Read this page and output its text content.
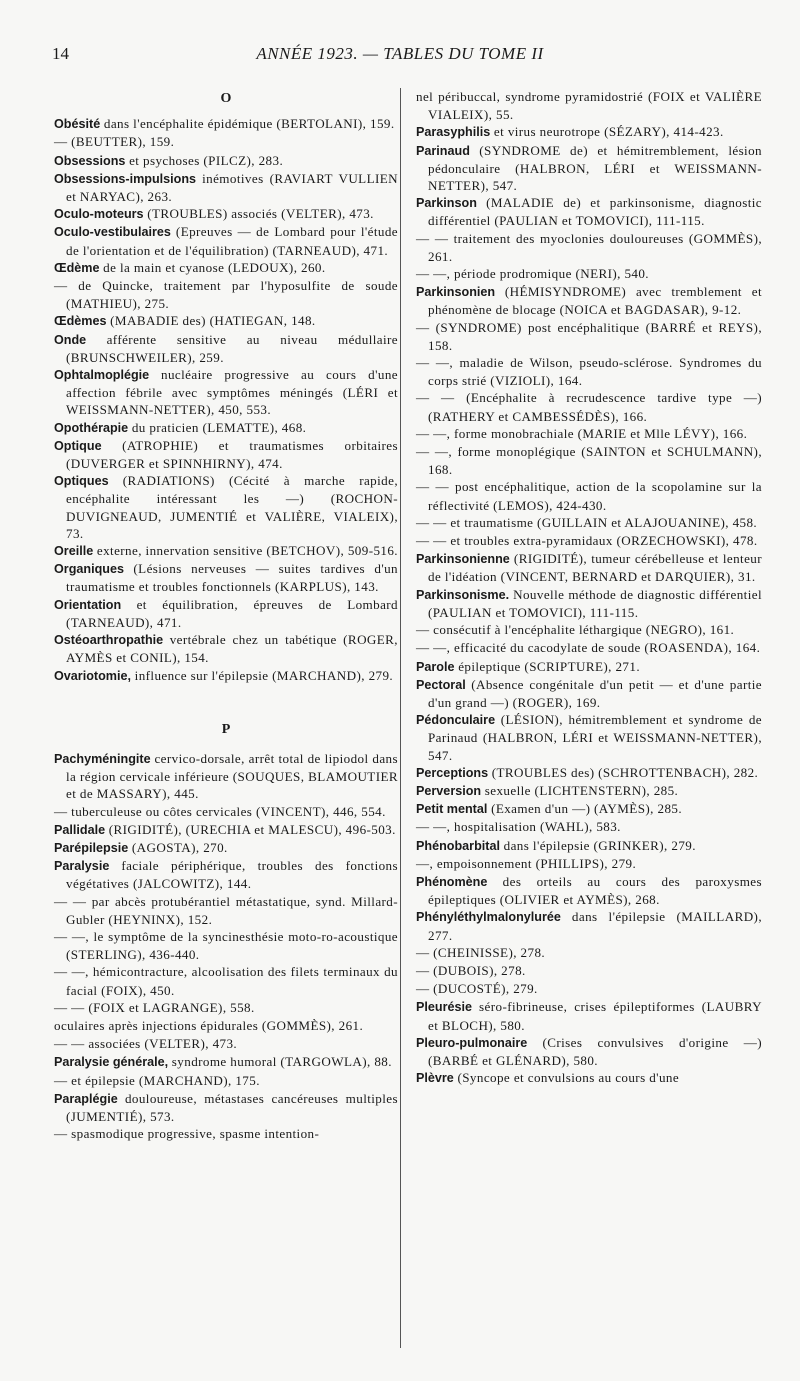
14	ANNÉE 1923. — TABLES DU TOME II
O

Obésité dans l'encéphalite épidémique (BERTOLANI), 159.

— (BEUTTER), 159.

Obsessions et psychoses (PILCZ), 283.

Obsessions-impulsions inémotives (RAVIART VULLIEN et NARYAC), 263.

Oculo-moteurs (TROUBLES) associés (VELTER), 473.

Oculo-vestibulaires (Epreuves — de Lombard pour l'étude de l'orientation et de l'équilibration) (TARNEAUD), 471.

Œdème de la main et cyanose (LEDOUX), 260.

— de Quincke, traitement par l'hyposulfite de soude (MATHIEU), 275.

Œdèmes (MABADIE des) (HATIEGAN, 148.

Onde afférente sensitive au niveau médullaire (BRUNSCHWEILER), 259.

Ophtalmoplégie nucléaire progressive au cours d'une affection fébrile avec symptômes méningés (LÉRI et WEISSMANN-NETTER), 450, 553.

Opothérapie du praticien (LEMATTE), 468.

Optique (ATROPHIE) et traumatismes orbitaires (DUVERGER et SPINNHIRNY), 474.

Optiques (RADIATIONS) (Cécité à marche rapide, encéphalite intéressant les —) (ROCHON-DUVIGNEAUD, JUMENTIÉ et VALIÈRE, VIALEIX), 73.

Oreille externe, innervation sensitive (BETCHOV), 509-516.

Organiques (Lésions nerveuses — suites tardives d'un traumatisme et troubles fonctionnels (KARPLUS), 143.

Orientation et équilibration, épreuves de Lombard (TARNEAUD), 471.

Ostéoarthropathie vertébrale chez un tabétique (ROGER, AYMÈS et CONIL), 154.

Ovariotomie, influence sur l'épilepsie (MARCHAND), 279.

P

Pachyméningite cervico-dorsale, arrêt total de lipiodol dans la région cervicale inférieure (SOUQUES, BLAMOUTIER et de MASSARY), 445.

— tuberculeuse ou côtes cervicales (VINCENT), 446, 554.

Pallidale (RIGIDITÉ), (URECHIA et MALESCU), 496-503.

Parépilepsie (AGOSTA), 270.

Paralysie faciale périphérique, troubles des fonctions végétatives (JALCOWITZ), 144.

— — par abcès protubérantiel métastatique, synd. Millard-Gubler (HEYNINX), 152.

— —, le symptôme de la syncinesthésie moto-ro-acoustique (STERLING), 436-440.

— —, hémicontracture, alcoolisation des filets terminaux du facial (FOIX), 450.

— — (FOIX et LAGRANGE), 558.

oculaires après injections épidurales (GOMMÈS), 261.

— — associées (VELTER), 473.

Paralysie générale, syndrome humoral (TARGOWLA), 88.

— et épilepsie (MARCHAND), 175.

Paraplégie douloureuse, métastases cancéreuses multiples (JUMENTIÉ), 573.

— spasmodique progressive, spasme intention-

nel péribuccal, syndrome pyramidostrié (FOIX et VALIÈRE VIALEIX), 55.

Parasyphilis et virus neurotrope (SÉZARY), 414-423.

Parinaud (SYNDROME de) et hémitremblement, lésion pédonculaire (HALBRON, LÉRI et WEISSMANN-NETTER), 547.

Parkinson (MALADIE de) et parkinsonisme, diagnostic différentiel (PAULIAN et TOMOVICI), 111-115.

— — traitement des myoclonies douloureuses (GOMMÈS), 261.

— —, période prodromique (NERI), 540.

Parkinsonien (HÉMISYNDROME) avec tremblement et phénomène de blocage (NOICA et BAGDASAR), 9-12.

— (SYNDROME) post encéphalitique (BARRÉ et REYS), 158.

— —, maladie de Wilson, pseudo-sclérose. Syndromes du corps strié (VIZIOLI), 164.

— — (Encéphalite à recrudescence tardive type —) (RATHERY et CAMBESSÉDÈS), 166.

— —, forme monobrachiale (MARIE et Mlle LÉVY), 166.

— —, forme monoplégique (SAINTON et SCHULMANN), 168.

— — post encéphalitique, action de la scopolamine sur la réflectivité (LEMOS), 424-430.

— — et traumatisme (GUILLAIN et ALAJOUANINE), 458.

— — et troubles extra-pyramidaux (ORZECHOWSKI), 478.

Parkinsonienne (RIGIDITÉ), tumeur cérébelleuse et lenteur de l'idéation (VINCENT, BERNARD et DARQUIER), 31.

Parkinsonisme. Nouvelle méthode de diagnostic différentiel (PAULIAN et TOMOVICI), 111-115.

— consécutif à l'encéphalite léthargique (NEGRO), 161.

— —, efficacité du cacodylate de soude (ROASENDA), 164.

Parole épileptique (SCRIPTURE), 271.

Pectoral (Absence congénitale d'un petit — et d'une partie d'un grand —) (ROGER), 169.

Pédonculaire (LÉSION), hémitremblement et syndrome de Parinaud (HALBRON, LÉRI et WEISSMANN-NETTER), 547.

Perceptions (TROUBLES des) (SCHROTTENBACH), 282.

Perversion sexuelle (LICHTENSTERN), 285.

Petit mental (Examen d'un —) (AYMÈS), 285.

— —, hospitalisation (WAHL), 583.

Phénobarbital dans l'épilepsie (GRINKER), 279.

—, empoisonnement (PHILLIPS), 279.

Phénomène des orteils au cours des paroxysmes épileptiques (OLIVIER et AYMÈS), 268.

Phényléthylmalonylurée dans l'épilepsie (MAILLARD), 277.

— (CHEINISSE), 278.

— (DUBOIS), 278.

— (DUCOSTÉ), 279.

Pleurésie séro-fibrineuse, crises épileptiformes (LAUBRY et BLOCH), 580.

Pleuro-pulmonaire (Crises convulsives d'origine —) (BARBÉ et GLÉNARD), 580.

Plèvre (Syncope et convulsions au cours d'une
